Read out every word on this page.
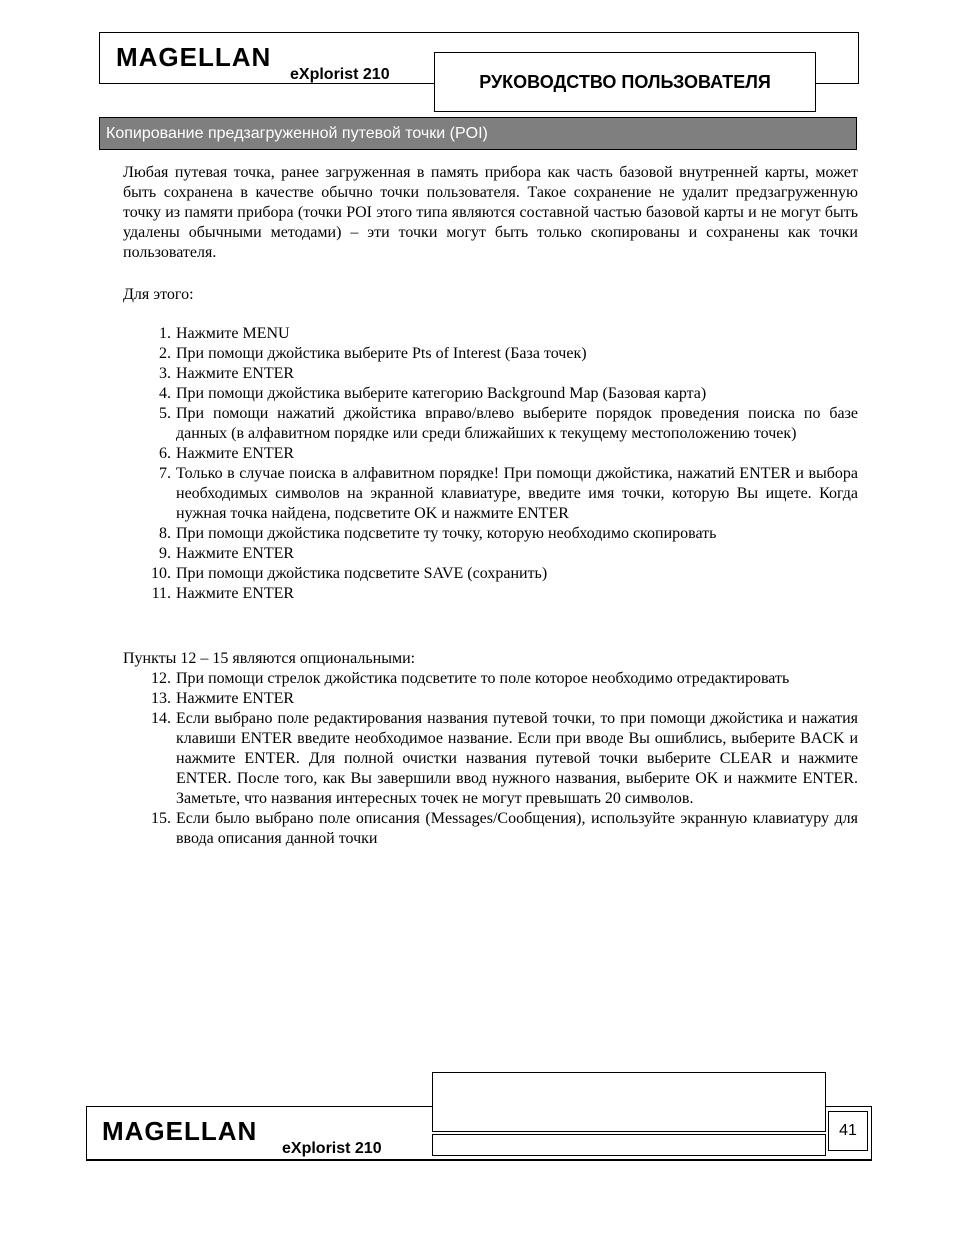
MAGELLAN
eXplorist 210	РУКОВОДСТВО ПОЛЬЗОВАТЕЛЯ
Копирование предзагруженной путевой точки (POI)
Любая путевая точка, ранее загруженная в память прибора как часть базовой внутренней карты, может быть сохранена в качестве обычно точки пользователя. Такое сохранение не удалит предзагруженную точку из памяти прибора (точки POI этого типа являются составной частью базовой карты и не могут быть удалены обычными методами) – эти точки могут быть только скопированы и сохранены как точки пользователя.
Для этого:
1. Нажмите MENU
2. При помощи джойстика выберите Pts of Interest (База точек)
3. Нажмите ENTER
4. При помощи джойстика выберите категорию Background Map (Базовая карта)
5. При помощи нажатий джойстика вправо/влево выберите порядок проведения поиска по базе данных (в алфавитном порядке или среди ближайших к текущему местоположению точек)
6. Нажмите ENTER
7. Только в случае поиска в алфавитном порядке! При помощи джойстика, нажатий ENTER и выбора необходимых символов на экранной клавиатуре, введите имя точки, которую Вы ищете. Когда нужная точка найдена, подсветите OK и нажмите ENTER
8. При помощи джойстика подсветите ту точку, которую необходимо скопировать
9. Нажмите ENTER
10. При помощи джойстика подсветите SAVE (сохранить)
11. Нажмите ENTER
Пункты 12 – 15 являются опциональными:
12. При помощи стрелок джойстика подсветите то поле которое необходимо отредактировать
13. Нажмите ENTER
14. Если выбрано поле редактирования названия путевой точки, то при помощи джойстика и нажатия клавиши ENTER введите необходимое название. Если при вводе Вы ошиблись, выберите BACK и нажмите ENTER. Для полной очистки названия путевой точки выберите CLEAR и нажмите ENTER. После того, как Вы завершили ввод нужного названия, выберите OK и нажмите ENTER. Заметьте, что названия интересных точек не могут превышать 20 символов.
15. Если было выбрано поле описания (Messages/Сообщения), используйте экранную клавиатуру для ввода описания данной точки
MAGELLAN
eXplorist 210
41
